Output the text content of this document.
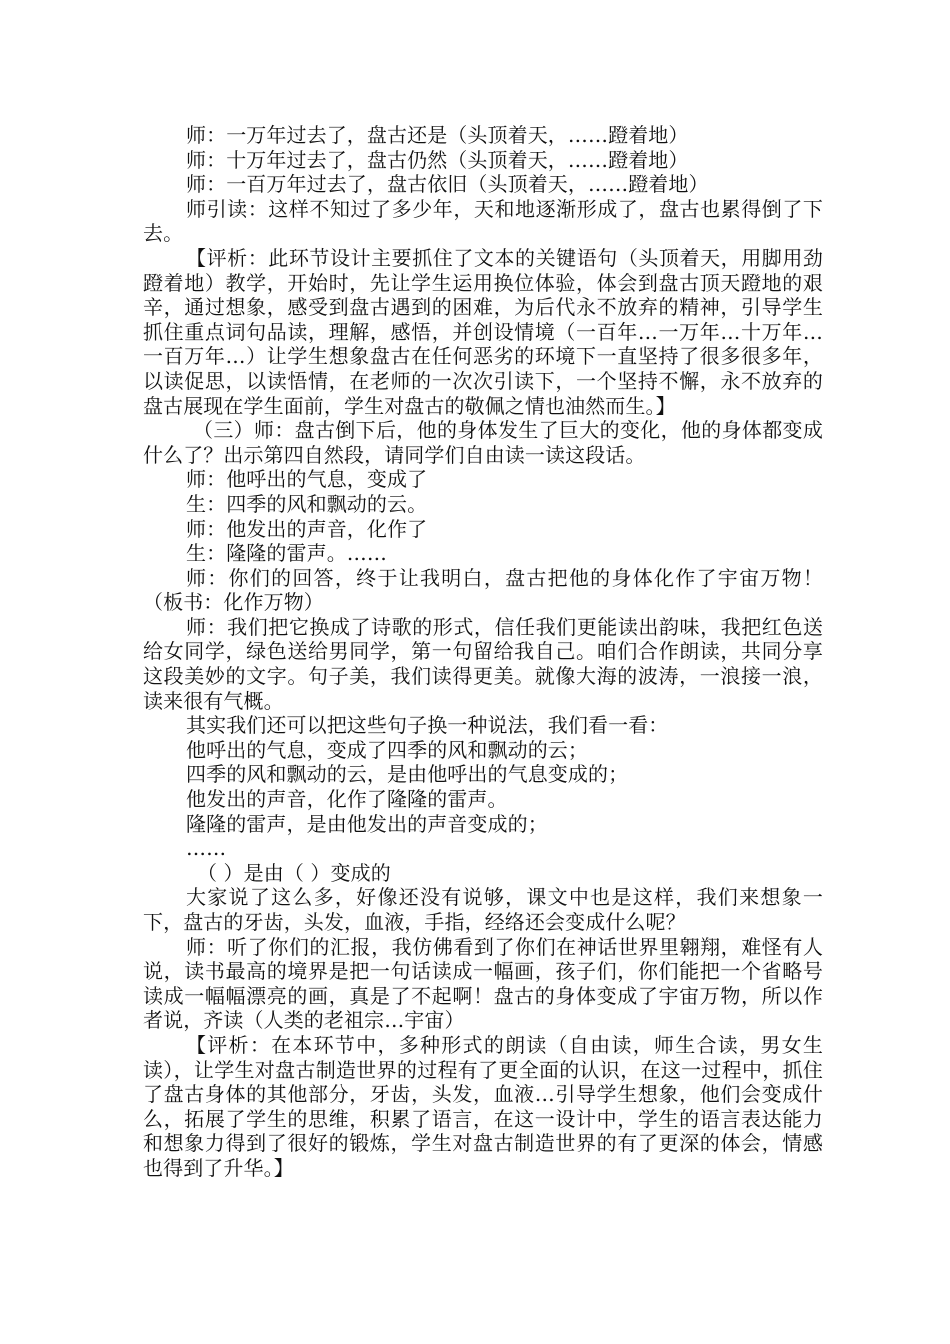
师：一万年过去了，盘古还是（头顶着天，……蹬着地）

师：十万年过去了，盘古仍然（头顶着天，……蹬着地）

师：一百万年过去了，盘古依旧（头顶着天，……蹬着地）

师引读：这样不知过了多少年，天和地逐渐形成了，盘古也累得倒了下去。

【评析：此环节设计主要抓住了文本的关键语句（头顶着天，用脚用劲蹬着地）教学，开始时，先让学生运用换位体验，体会到盘古顶天蹬地的艰辛，通过想象，感受到盘古遇到的困难，为后代永不放弃的精神，引导学生抓住重点词句品读，理解，感悟，并创设情境（一百年…一万年…十万年…一百万年…）让学生想象盘古在任何恶劣的环境下一直坚持了很多很多年，以读促思，以读悟情，在老师的一次次引读下，一个坚持不懈，永不放弃的盘古展现在学生面前，学生对盘古的敬佩之情也油然而生。】

（三）师：盘古倒下后，他的身体发生了巨大的变化，他的身体都变成什么了？出示第四自然段，请同学们自由读一读这段话。

师：他呼出的气息，变成了

生：四季的风和飘动的云。

师：他发出的声音，化作了

生：隆隆的雷声。……

师：你们的回答，终于让我明白，盘古把他的身体化作了宇宙万物！（板书：化作万物）

师：我们把它换成了诗歌的形式，信任我们更能读出韵味，我把红色送给女同学，绿色送给男同学，第一句留给我自己。咱们合作朗读，共同分享这段美妙的文字。句子美，我们读得更美。就像大海的波涛，一浪接一浪，读来很有气概。

其实我们还可以把这些句子换一种说法，我们看一看：

他呼出的气息，变成了四季的风和飘动的云；

四季的风和飘动的云，是由他呼出的气息变成的；

他发出的声音，化作了隆隆的雷声。

隆隆的雷声，是由他发出的声音变成的；

……

（ ）是由（ ）变成的

大家说了这么多，好像还没有说够，课文中也是这样，我们来想象一下，盘古的牙齿，头发，血液，手指，经络还会变成什么呢？

师：听了你们的汇报，我仿佛看到了你们在神话世界里翱翔，难怪有人说，读书最高的境界是把一句话读成一幅画，孩子们，你们能把一个省略号读成一幅幅漂亮的画，真是了不起啊！盘古的身体变成了宇宙万物，所以作者说，齐读（人类的老祖宗…宇宙）

【评析：在本环节中，多种形式的朗读（自由读，师生合读，男女生读），让学生对盘古制造世界的过程有了更全面的认识，在这一过程中，抓住了盘古身体的其他部分，牙齿，头发，血液…引导学生想象，他们会变成什么，拓展了学生的思维，积累了语言，在这一设计中，学生的语言表达能力和想象力得到了很好的锻炼，学生对盘古制造世界的有了更深的体会，情感也得到了升华。】
